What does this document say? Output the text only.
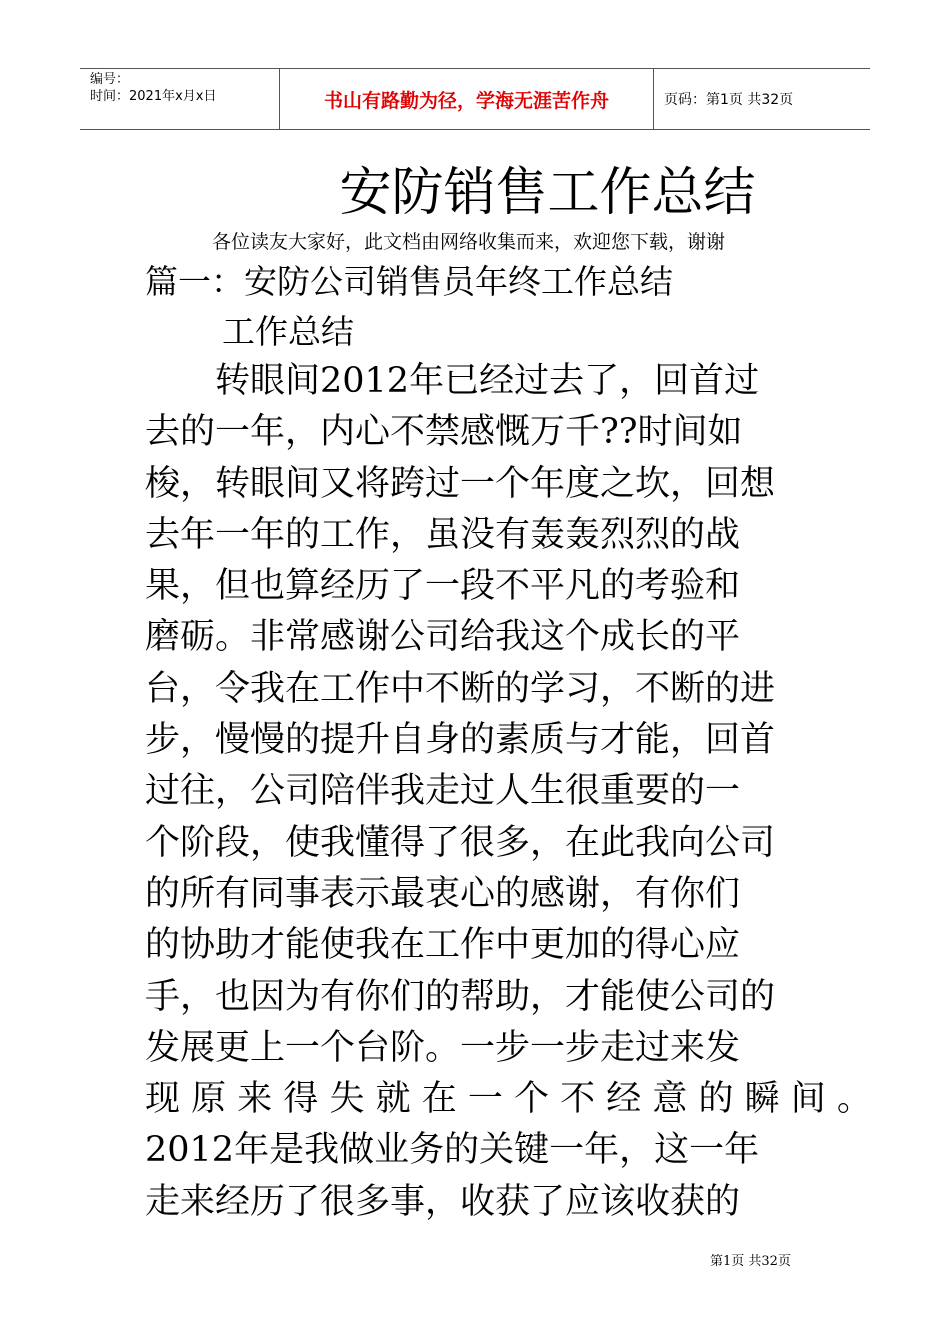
编号：
时间：2021年x月x日	书山有路勤为径，学海无涯苦作舟	页码：第1页 共32页
安防销售工作总结
各位读友大家好，此文档由网络收集而来，欢迎您下载，谢谢
篇一：安防公司销售员年终工作总结
工作总结
　　转眼间2012年已经过去了，回首过
去的一年，内心不禁感慨万千??时间如
梭，转眼间又将跨过一个年度之坎，回想
去年一年的工作，虽没有轰轰烈烈的战
果，但也算经历了一段不平凡的考验和
磨砺。非常感谢公司给我这个成长的平
台，令我在工作中不断的学习，不断的进
步，慢慢的提升自身的素质与才能，回首
过往，公司陪伴我走过人生很重要的一
个阶段，使我懂得了很多，在此我向公司
的所有同事表示最衷心的感谢，有你们
的协助才能使我在工作中更加的得心应
手，也因为有你们的帮助，才能使公司的
发展更上一个台阶。一步一步走过来发
现 原 来 得 失 就 在 一 个 不 经 意 的 瞬 间 。
2012年是我做业务的关键一年，这一年
走来经历了很多事，收获了应该收获的
第1页 共32页
